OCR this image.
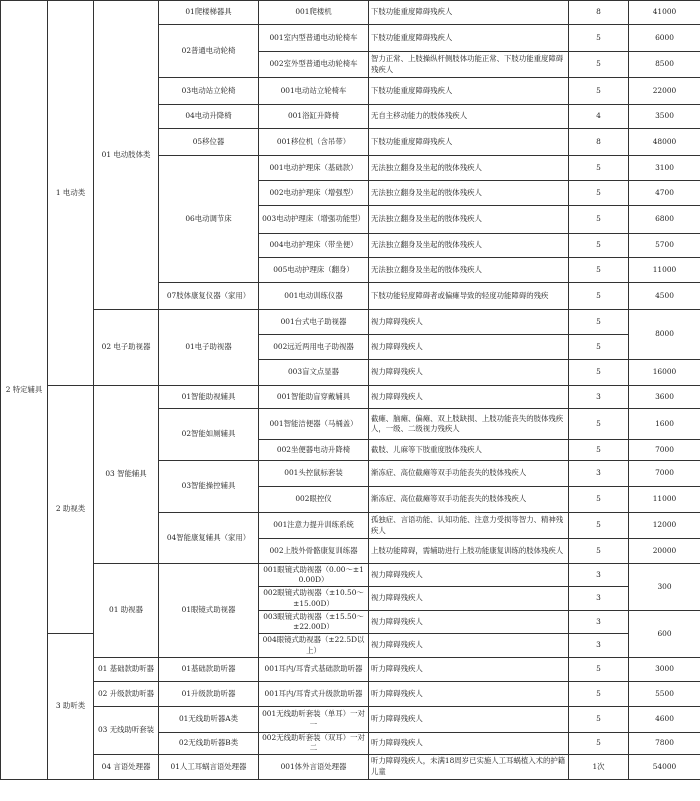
2 特定辅具	1 电动类	01 电动肢体类	01爬楼梯器具	001爬楼机	下肢功能重度障碍残疾人	8	41000
			02普通电动轮椅	001室内型普通电动轮椅车	下肢功能重度障碍残疾人	5	6000
				002室外型普通电动轮椅车	智力正常、上肢操纵杆侧肢体功能正常、下肢功能重度障碍残疾人	5	8500
			03电动站立轮椅	001电动站立轮椅车	下肢功能重度障碍残疾人	5	22000
			04电动升降椅	001浴缸升降椅	无自主移动能力的肢体残疾人	4	3500
			05移位器	001移位机（含吊带）	下肢功能重度障碍残疾人	8	48000
			06电动调节床	001电动护理床（基础款）	无法独立翻身及坐起的肢体残疾人	5	3100
				002电动护理床（增强型）	无法独立翻身及坐起的肢体残疾人	5	4700
				003电动护理床（增强功能型）	无法独立翻身及坐起的肢体残疾人	5	6800
				004电动护理床（带坐便）	无法独立翻身及坐起的肢体残疾人	5	5700
				005电动护理床（翻身）	无法独立翻身及坐起的肢体残疾人	5	11000
			07肢体康复仪器（家用）	001电动训练仪器	下肢功能轻度障碍者或偏瘫导致的轻度功能障碍的残疾	5	4500
		02 电子助视器	01电子助视器	001台式电子助视器	视力障碍残疾人	5	8000
				002远近两用电子助视器	视力障碍残疾人	5	
				003盲文点显器	视力障碍残疾人	5	16000
	2 助视类	03 智能辅具	01智能助视辅具	001智能助盲穿戴辅具	视力障碍残疾人	3	3600
			02智能如厕辅具	001智能洁便器（马桶盖）	截瘫、脑瘫、偏瘫、双上肢缺损、上肢功能丧失的肢体残疾人，一级、二级视力残疾人	5	1600
				002坐便器电动升降椅	截肢、儿麻等下肢重度肢体残疾人	5	7000
			03智能操控辅具	001头控鼠标套装	渐冻症、高位截瘫等双手功能丧失的肢体残疾人	3	7000
				002眼控仪	渐冻症、高位截瘫等双手功能丧失的肢体残疾人	5	11000
			04智能康复辅具（家用）	001注意力提升训练系统	孤独症、言语功能、认知功能、注意力受损等智力、精神残疾人	5	12000
				002上肢外骨骼康复训练器	上肢功能障碍，需辅助进行上肢功能康复训练的肢体残疾人	5	20000
		01 助视器	01眼镜式助视器	001眼镜式助视器（0.00～±10.00D）	视力障碍残疾人	3	300
				002眼镜式助视器（±10.50～±15.00D）	视力障碍残疾人	3	
				003眼镜式助视器（±15.50～±22.00D）	视力障碍残疾人	3	600
	3 助听类			004眼镜式助视器（±22.5D以上）	视力障碍残疾人	3	
		01 基础款助听器	01基础款助听器	001耳内/耳背式基础款助听器	听力障碍残疾人	5	3000
		02 升级款助听器	01升级款助听器	001耳内/耳背式升级款助听器	听力障碍残疾人	5	5500
		03 无线助听套装	01无线助听器A类	001无线助听套装（单耳）一对一	听力障碍残疾人	5	4600
			02无线助听器B类	002无线助听套装（双耳）一对二	听力障碍残疾人	5	7800
		04 言语处理器	01人工耳蜗言语处理器	001体外言语处理器	听力障碍残疾人，未满18周岁已实施人工耳蜗植入术的护籍儿童	1次	54000
